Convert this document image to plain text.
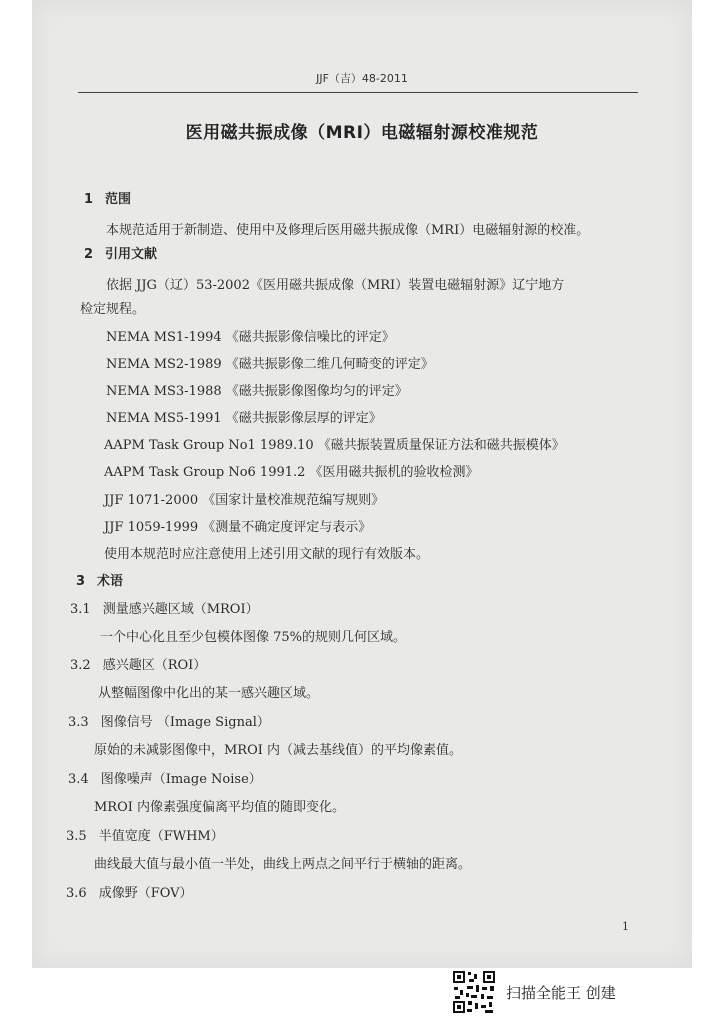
JJF（吉）48-2011
医用磁共振成像（MRI）电磁辐射源校准规范
1 范围
本规范适用于新制造、使用中及修理后医用磁共振成像（MRI）电磁辐射源的校准。
2 引用文献
依据 JJG（辽）53-2002《医用磁共振成像（MRI）装置电磁辐射源》辽宁地方
检定规程。
NEMA MS1-1994 《磁共振影像信噪比的评定》
NEMA MS2-1989 《磁共振影像二维几何畸变的评定》
NEMA MS3-1988 《磁共振影像图像均匀的评定》
NEMA MS5-1991 《磁共振影像层厚的评定》
AAPM Task Group No1 1989.10 《磁共振装置质量保证方法和磁共振模体》
AAPM Task Group No6 1991.2 《医用磁共振机的验收检测》
JJF 1071-2000 《国家计量校准规范编写规则》
JJF 1059-1999 《测量不确定度评定与表示》
使用本规范时应注意使用上述引用文献的现行有效版本。
3 术语
3.1 测量感兴趣区域（MROI）
一个中心化且至少包模体图像 75%的规则几何区域。
3.2 感兴趣区（ROI）
从整幅图像中化出的某一感兴趣区域。
3.3 图像信号 （Image Signal）
原始的未减影图像中，MROI 内（减去基线值）的平均像素值。
3.4 图像噪声（Image Noise）
MROI 内像素强度偏离平均值的随即变化。
3.5 半值宽度（FWHM）
曲线最大值与最小值一半处，曲线上两点之间平行于横轴的距离。
3.6 成像野（FOV）
1
扫描全能王 创建
